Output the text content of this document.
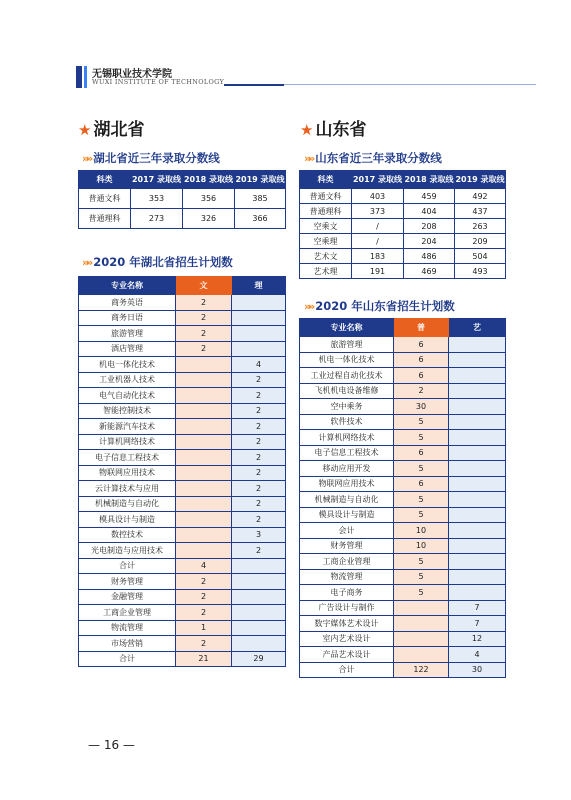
无锡职业技术学院
WUXI INSTITUTE OF TECHNOLOGY
★ 湖北省
»» 湖北省近三年录取分数线
科类	2017 录取线	2018 录取线	2019 录取线
普通文科	353	356	385
普通理科	273	326	366
»» 2020 年湖北省招生计划数
专业名称	文	理
商务英语	2	
商务日语	2	
旅游管理	2	
酒店管理	2	
机电一体化技术		4
工业机器人技术		2
电气自动化技术		2
智能控制技术		2
新能源汽车技术		2
计算机网络技术		2
电子信息工程技术		2
物联网应用技术		2
云计算技术与应用		2
机械制造与自动化		2
模具设计与制造		2
数控技术		3
光电制造与应用技术		2
合计	4	
财务管理	2	
金融管理	2	
工商企业管理	2	
物流管理	1	
市场营销	2	
合计	21	29
★ 山东省
»» 山东省近三年录取分数线
科类	2017 录取线	2018 录取线	2019 录取线
普通文科	403	459	492
普通理科	373	404	437
空乘文	/	208	263
空乘理	/	204	209
艺术文	183	486	504
艺术理	191	469	493
»» 2020 年山东省招生计划数
专业名称	普	艺
旅游管理	6	
机电一体化技术	6	
工业过程自动化技术	6	
飞机机电设备维修	2	
空中乘务	30	
软件技术	5	
计算机网络技术	5	
电子信息工程技术	6	
移动应用开发	5	
物联网应用技术	6	
机械制造与自动化	5	
模具设计与制造	5	
会计	10	
财务管理	10	
工商企业管理	5	
物流管理	5	
电子商务	5	
广告设计与制作		7
数字媒体艺术设计		7
室内艺术设计		12
产品艺术设计		4
合计	122	30
— 16 —
